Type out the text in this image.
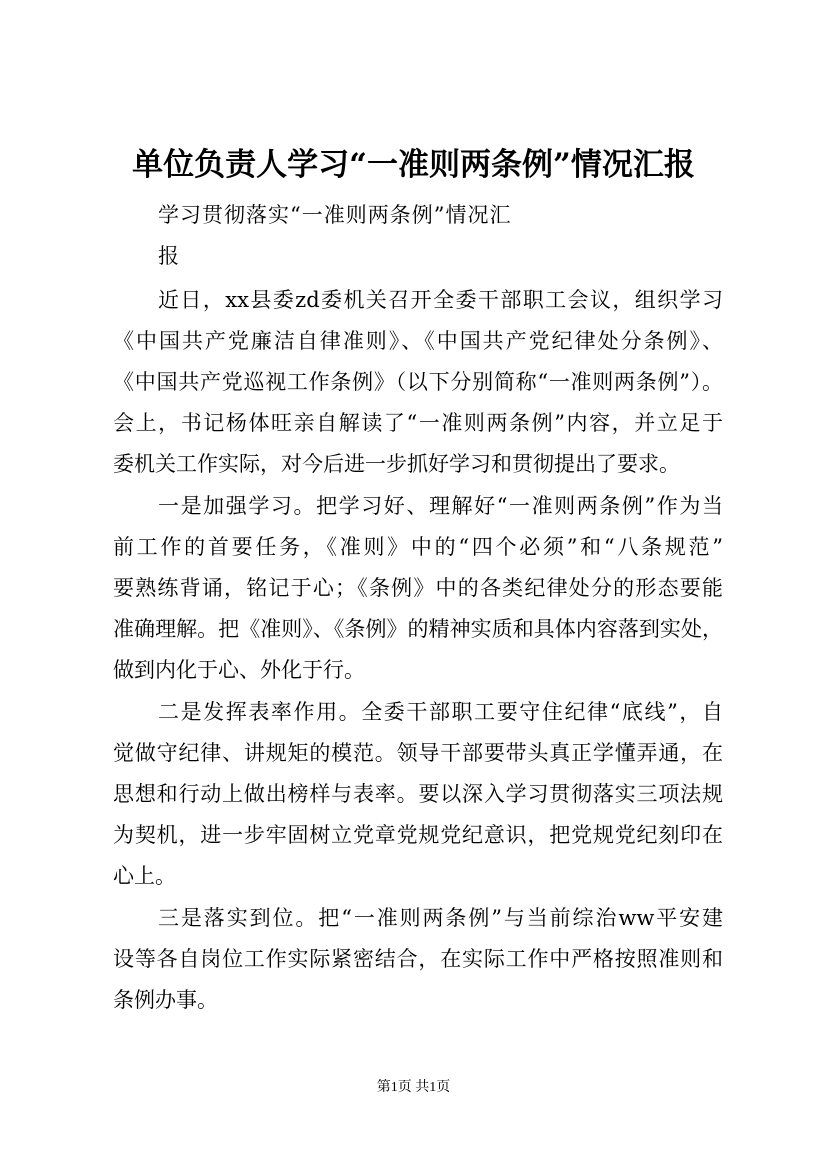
单位负责人学习“一准则两条例”情况汇报
学习贯彻落实“一准则两条例”情况汇
报
近日，xx县委zd委机关召开全委干部职工会议，组织学习
《中国共产党廉洁自律准则》、《中国共产党纪律处分条例》、
《中国共产党巡视工作条例》（以下分别简称“一准则两条例”）。
会上，书记杨体旺亲自解读了“一准则两条例”内容，并立足于
委机关工作实际，对今后进一步抓好学习和贯彻提出了要求。
一是加强学习。把学习好、理解好“一准则两条例”作为当
前工作的首要任务，《准则》中的“四个必须”和“八条规范”
要熟练背诵，铭记于心；《条例》中的各类纪律处分的形态要能
准确理解。把《准则》、《条例》的精神实质和具体内容落到实处，
做到内化于心、外化于行。
二是发挥表率作用。全委干部职工要守住纪律“底线”，自
觉做守纪律、讲规矩的模范。领导干部要带头真正学懂弄通，在
思想和行动上做出榜样与表率。要以深入学习贯彻落实三项法规
为契机，进一步牢固树立党章党规党纪意识，把党规党纪刻印在
心上。
三是落实到位。把“一准则两条例”与当前综治ww平安建
设等各自岗位工作实际紧密结合，在实际工作中严格按照准则和
条例办事。
第1页 共1页
